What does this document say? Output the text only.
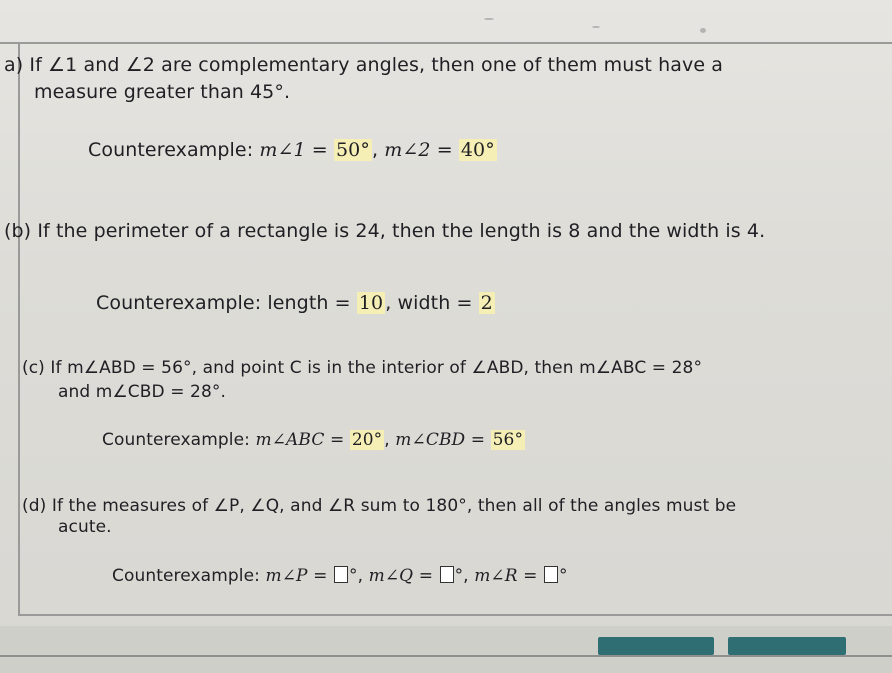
a) If ∠1 and ∠2 are complementary angles, then one of them must have a
measure greater than 45°.
Counterexample: m∠1 = 50° , m∠2 = 40°
(b) If the perimeter of a rectangle is 24, then the length is 8 and the width is 4.
Counterexample: length = 10 , width = 2
(c) If m∠ABD = 56°, and point C is in the interior of ∠ABD, then m∠ABC = 28°
and m∠CBD = 28°.
Counterexample: m∠ABC = 20° , m∠CBD = 56°
(d) If the measures of ∠P, ∠Q, and ∠R sum to 180°, then all of the angles must be
acute.
Counterexample: m∠P = °, m∠Q = °, m∠R = °
